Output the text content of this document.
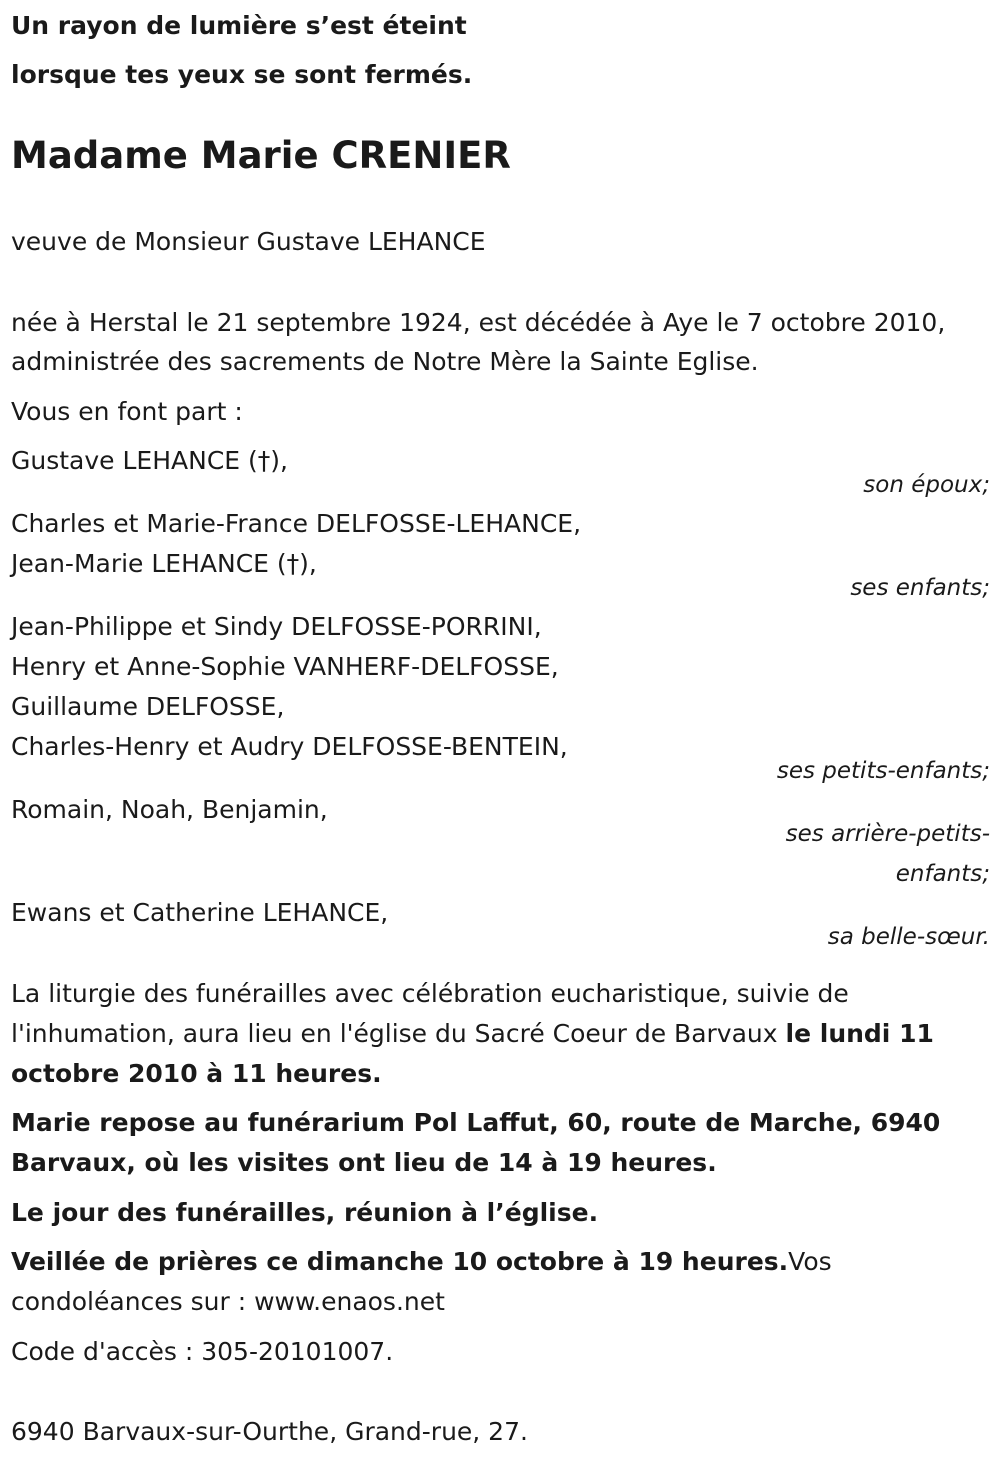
Un rayon de lumière s’est éteint
lorsque tes yeux se sont fermés.
Madame Marie CRENIER
veuve de Monsieur Gustave LEHANCE
née à Herstal le 21 septembre 1924, est décédée à Aye le 7 octobre 2010,
administrée des sacrements de Notre Mère la Sainte Eglise.
Vous en font part :
Gustave LEHANCE (†),
son époux;
Charles et Marie-France DELFOSSE-LEHANCE,
Jean-Marie LEHANCE (†),
ses enfants;
Jean-Philippe et Sindy DELFOSSE-PORRINI,
Henry et Anne-Sophie VANHERF-DELFOSSE,
Guillaume DELFOSSE,
Charles-Henry et Audry DELFOSSE-BENTEIN,
ses petits-enfants;
Romain, Noah, Benjamin,
ses arrière-petits-
enfants;
Ewans et Catherine LEHANCE,
sa belle-sœur.
La liturgie des funérailles avec célébration eucharistique, suivie de
l'inhumation, aura lieu en l'église du Sacré Coeur de Barvaux le lundi 11
octobre 2010 à 11 heures.
Marie repose au funérarium Pol Laffut, 60, route de Marche, 6940
Barvaux, où les visites ont lieu de 14 à 19 heures.
Le jour des funérailles, réunion à l’église.
Veillée de prières ce dimanche 10 octobre à 19 heures.Vos
condoléances sur : www.enaos.net
Code d'accès : 305-20101007.
6940 Barvaux-sur-Ourthe, Grand-rue, 27.
